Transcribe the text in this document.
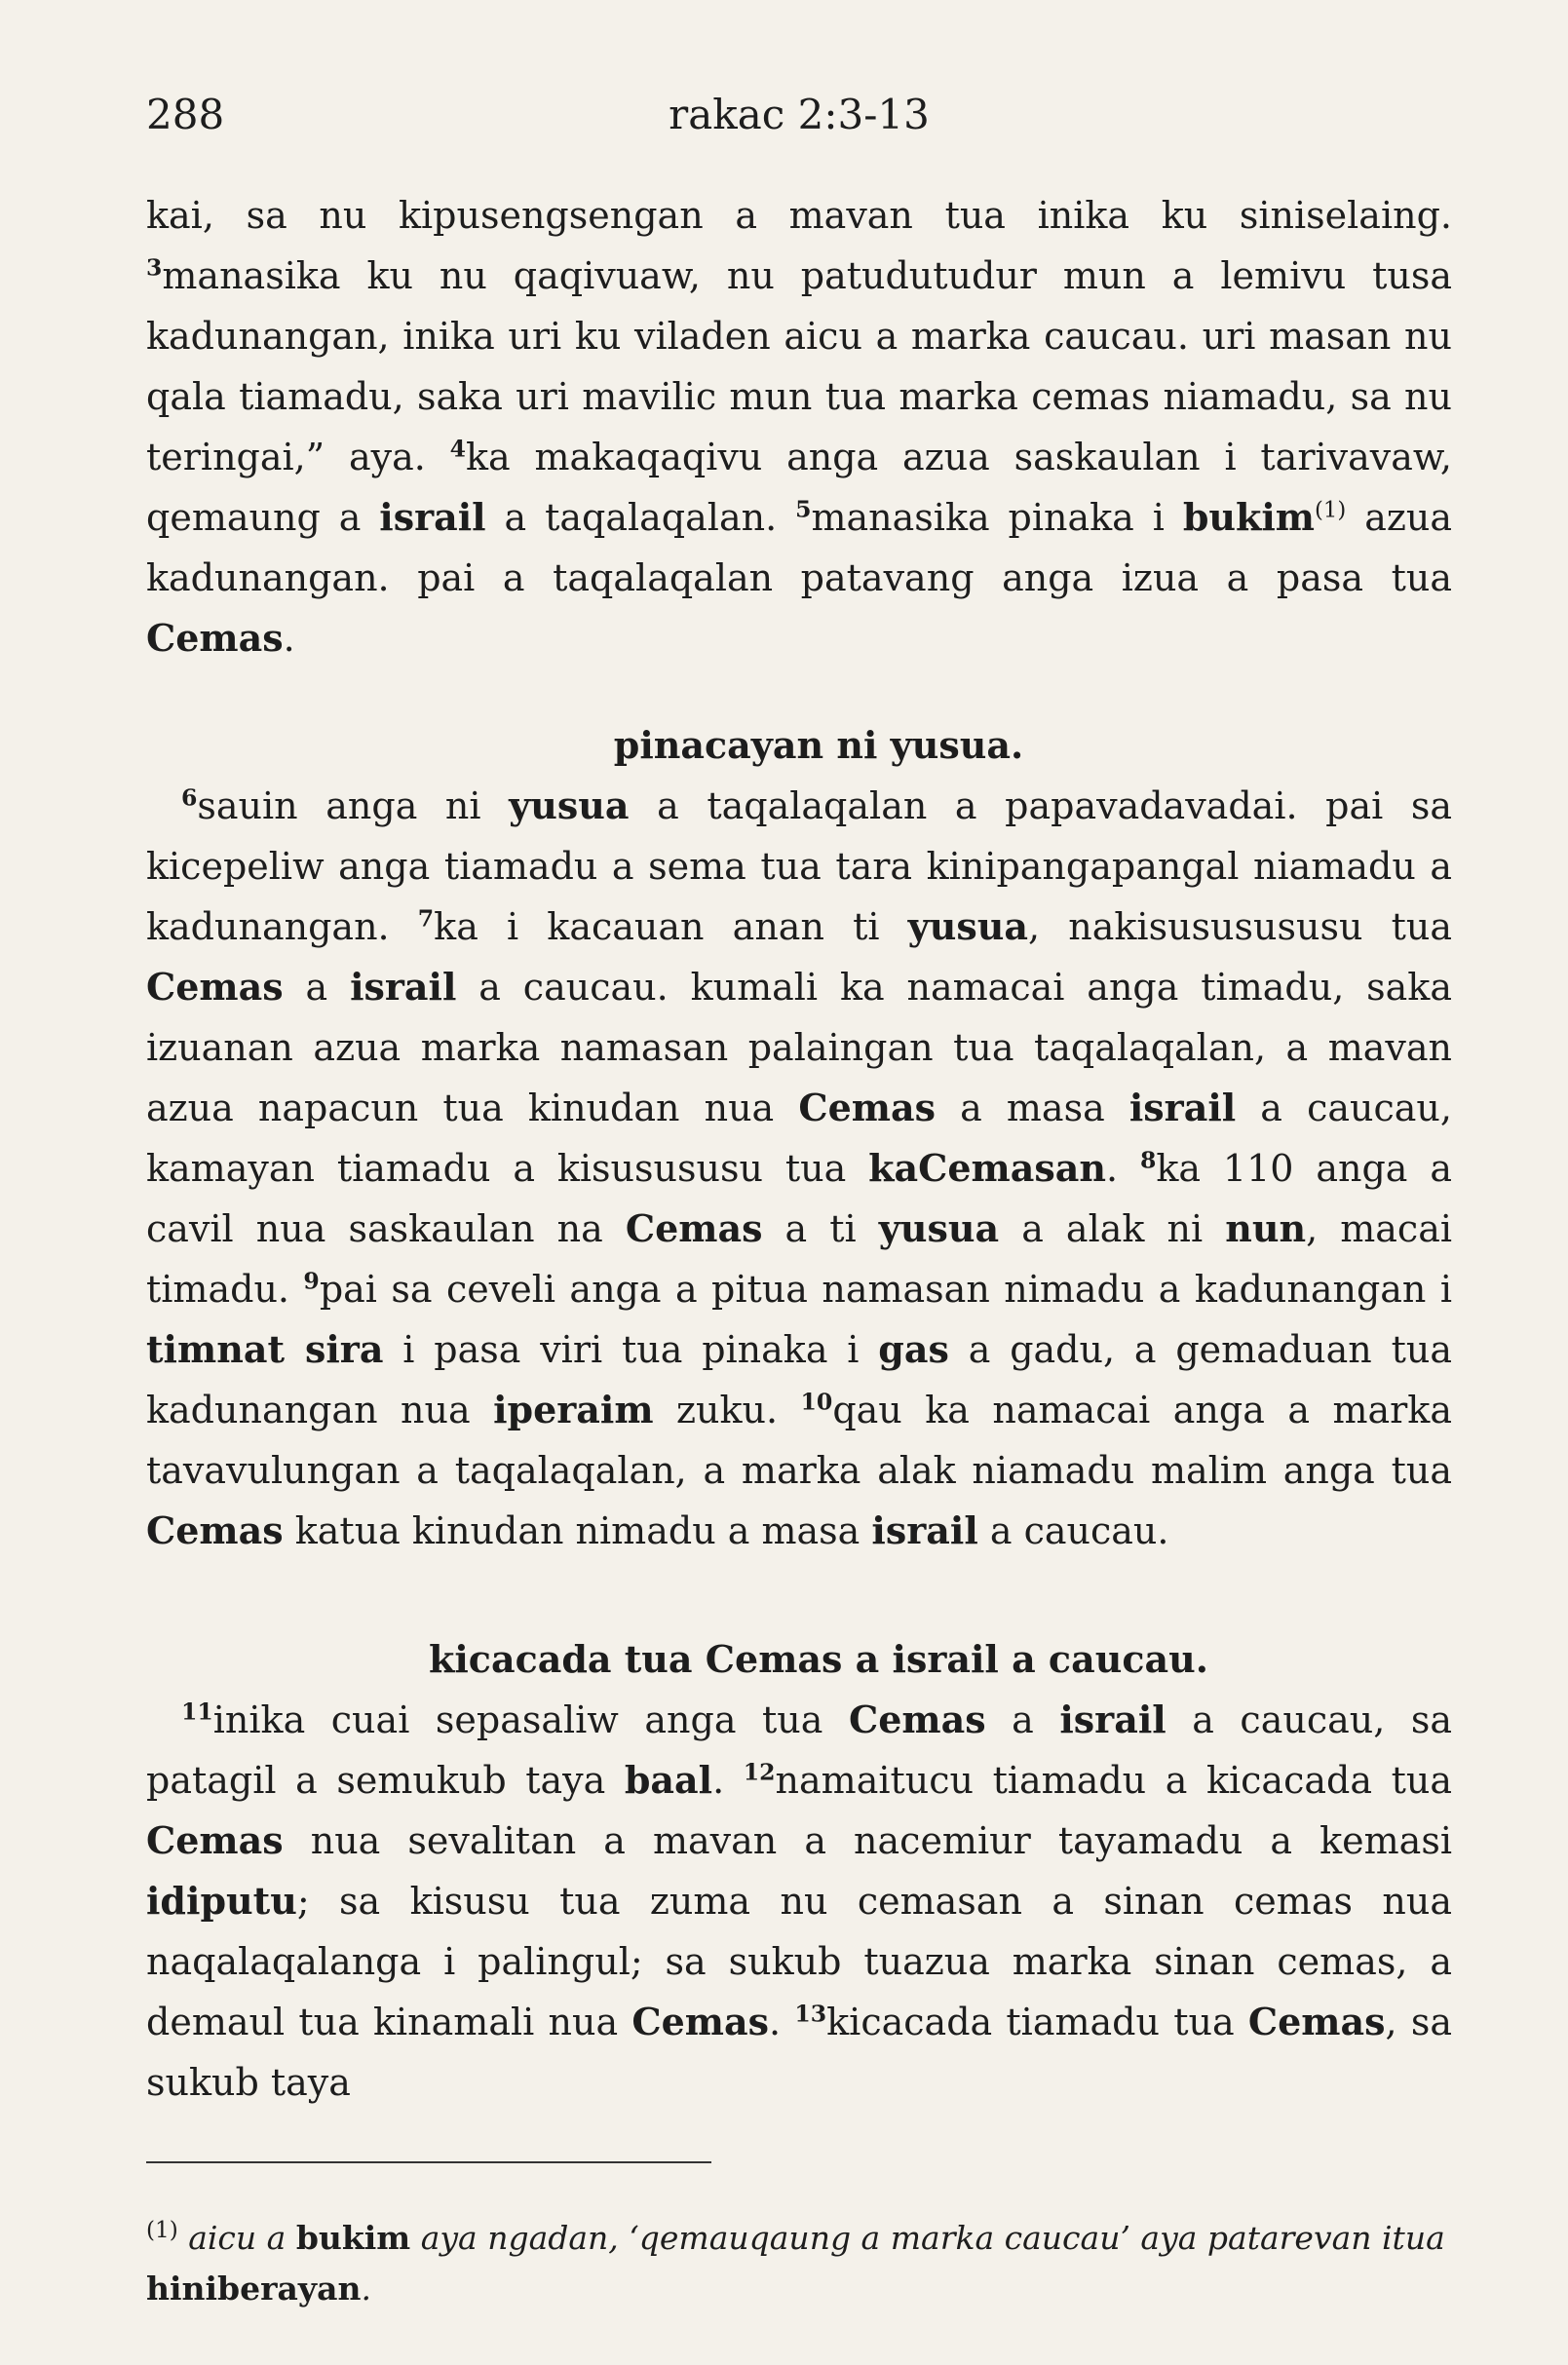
288	rakac 2:3-13

kai, sa nu kipusengsengan a mavan tua inika ku siniselaing. $^3$manasika ku nu qaqivuaw, nu patudutudur mun a lemivu tusa kadunangan, inika uri ku viladen aicu a marka caucau. uri masan nu qala tiamadu, saka uri mavilic mun tua marka cemas niamadu, sa nu teringai,” aya. $^4$ka makaqaqivu anga azua saskaulan i tarivavaw, qemaung a israil a taqalaqalan. $^5$manasika pinaka i bukim$^{(1)}$ azua kadunangan. pai a taqalaqalan patavang anga izua a pasa tua Cemas.

pinacayan ni yusua.

$^6$sauin anga ni yusua a taqalaqalan a papavadavadai. pai sa kicepeliw anga tiamadu a sema tua tara kinipangapangal niamadu a kadunangan. $^7$ka i kacauan anan ti yusua, nakisususususu tua Cemas a israil a caucau. kumali ka namacai anga timadu, saka izuanan azua marka namasan palaingan tua taqalaqalan, a mavan azua napacun tua kinudan nua Cemas a masa israil a caucau, kamayan tiamadu a kisusususu tua kaCemasan. $^8$ka 110 anga a cavil nua saskaulan na Cemas a ti yusua a alak ni nun, macai timadu. $^9$pai sa ceveli anga a pitua namasan nimadu a kadunangan i timnat sira i pasa viri tua pinaka i gas a gadu, a gemaduan tua kadunangan nua iperaim zuku. $^{10}$qau ka namacai anga a marka tavavulungan a taqalaqalan, a marka alak niamadu malim anga tua Cemas katua kinudan nimadu a masa israil a caucau.

kicacada tua Cemas a israil a caucau.

$^{11}$inika cuai sepasaliw anga tua Cemas a israil a caucau, sa patagil a semukub taya baal. $^{12}$namaitucu tiamadu a kicacada tua Cemas nua sevalitan a mavan a nacemiur tayamadu a kemasi idiputu; sa kisusu tua zuma nu cemasan a sinan cemas nua naqalaqalanga i palingul; sa sukub tuazua marka sinan cemas, a demaul tua kinamali nua Cemas. $^{13}$kicacada tiamadu tua Cemas, sa sukub taya

$^{(1)}$ aicu a bukim aya ngadan, ‘qemauqaung a marka caucau’ aya patarevan itua hiniberayan.
